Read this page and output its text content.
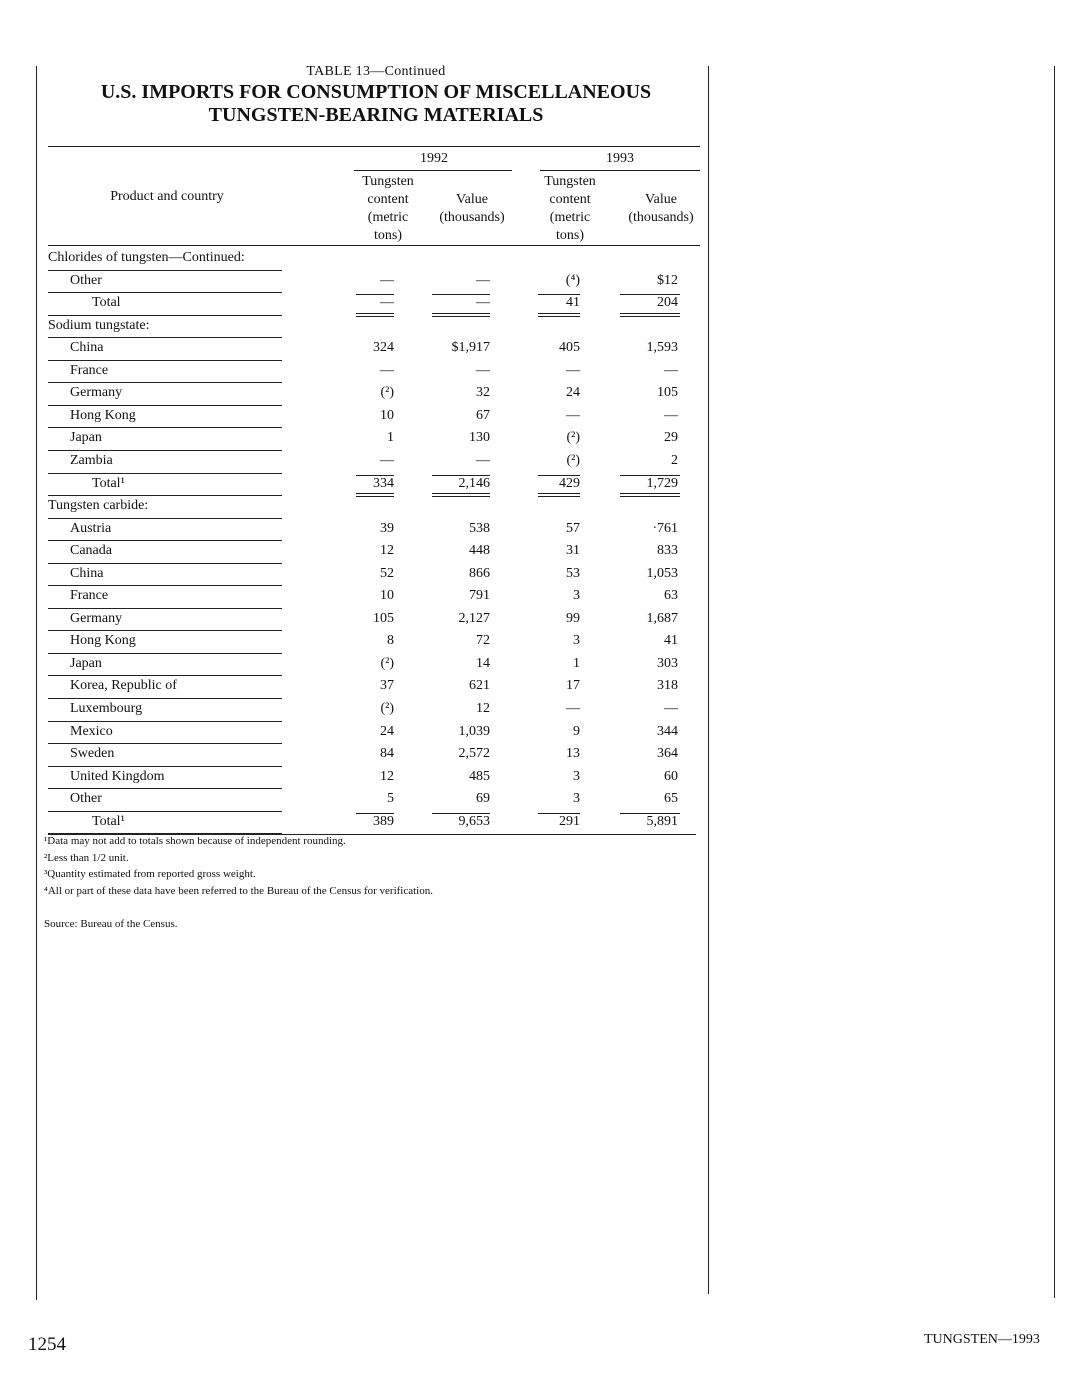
TABLE 13—Continued
U.S. IMPORTS FOR CONSUMPTION OF MISCELLANEOUS
TUNGSTEN-BEARING MATERIALS
1992	1993
Product and country
Tungsten
content
(metric
tons)
Value
(thousands)
Tungsten
content
(metric
tons)
Value
(thousands)
Chlorides of tungsten—Continued:
Other	—	—	(⁴)	$12
Total	—	—	41	204
Sodium tungstate:
China	324	$1,917	405	1,593
France	—	—	—	—
Germany	(²)	32	24	105
Hong Kong	10	67	—	—
Japan	1	130	(²)	29
Zambia	—	—	(²)	2
Total¹	334	2,146	429	1,729
Tungsten carbide:
Austria	39	538	57	·761
Canada	12	448	31	833
China	52	866	53	1,053
France	10	791	3	63
Germany	105	2,127	99	1,687
Hong Kong	8	72	3	41
Japan	(²)	14	1	303
Korea, Republic of	37	621	17	318
Luxembourg	(²)	12	—	—
Mexico	24	1,039	9	344
Sweden	84	2,572	13	364
United Kingdom	12	485	3	60
Other	5	69	3	65
Total¹	389	9,653	291	5,891
¹Data may not add to totals shown because of independent rounding.
²Less than 1/2 unit.
³Quantity estimated from reported gross weight.
⁴All or part of these data have been referred to the Bureau of the Census for verification.
Source: Bureau of the Census.
1254	TUNGSTEN—1993
